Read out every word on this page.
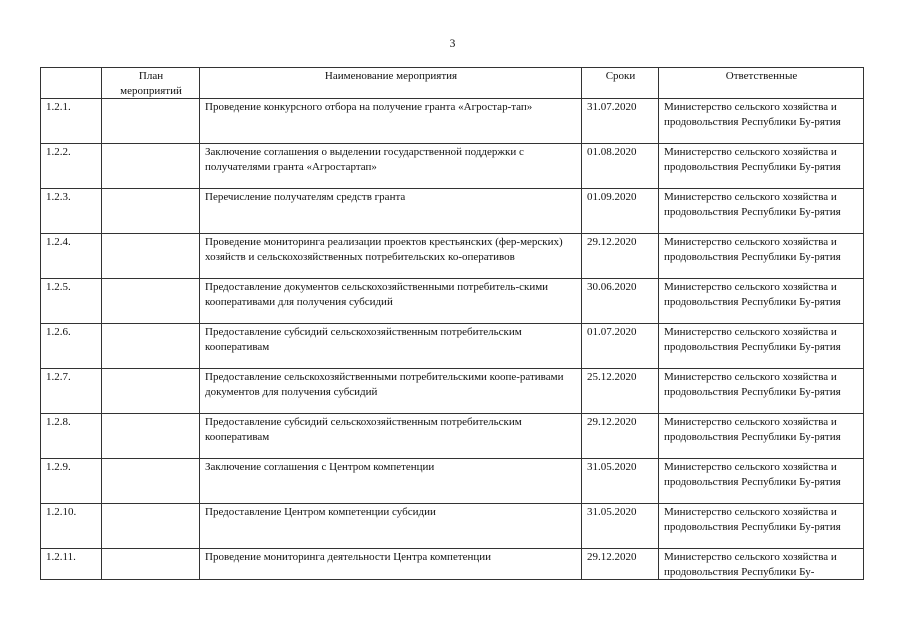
3
	План мероприятий	Наименование мероприятия	Сроки	Ответственные
1.2.1.		Проведение конкурсного отбора на получение гранта «Агростар-тап»	31.07.2020	Министерство сельского хозяйства и продовольствия Республики Бу-рятия
1.2.2.		Заключение соглашения о выделении государственной поддержки с получателями гранта «Агростартап»	01.08.2020	Министерство сельского хозяйства и продовольствия Республики Бу-рятия
1.2.3.		Перечисление получателям средств гранта	01.09.2020	Министерство сельского хозяйства и продовольствия Республики Бу-рятия
1.2.4.		Проведение мониторинга реализации проектов крестьянских (фер-мерских) хозяйств и сельскохозяйственных потребительских ко-оперативов	29.12.2020	Министерство сельского хозяйства и продовольствия Республики Бу-рятия
1.2.5.		Предоставление документов сельскохозяйственными потребитель-скими кооперативами для получения субсидий	30.06.2020	Министерство сельского хозяйства и продовольствия Республики Бу-рятия
1.2.6.		Предоставление субсидий сельскохозяйственным потребительским кооперативам	01.07.2020	Министерство сельского хозяйства и продовольствия Республики Бу-рятия
1.2.7.		Предоставление сельскохозяйственными потребительскими коопе-ративами документов для получения субсидий	25.12.2020	Министерство сельского хозяйства и продовольствия Республики Бу-рятия
1.2.8.		Предоставление субсидий сельскохозяйственным потребительским кооперативам	29.12.2020	Министерство сельского хозяйства и продовольствия Республики Бу-рятия
1.2.9.		Заключение соглашения с Центром компетенции	31.05.2020	Министерство сельского хозяйства и продовольствия Республики Бу-рятия
1.2.10.		Предоставление Центром компетенции субсидии	31.05.2020	Министерство сельского хозяйства и продовольствия Республики Бу-рятия
1.2.11.		Проведение мониторинга деятельности Центра компетенции	29.12.2020	Министерство сельского хозяйства и продовольствия Республики Бу-
